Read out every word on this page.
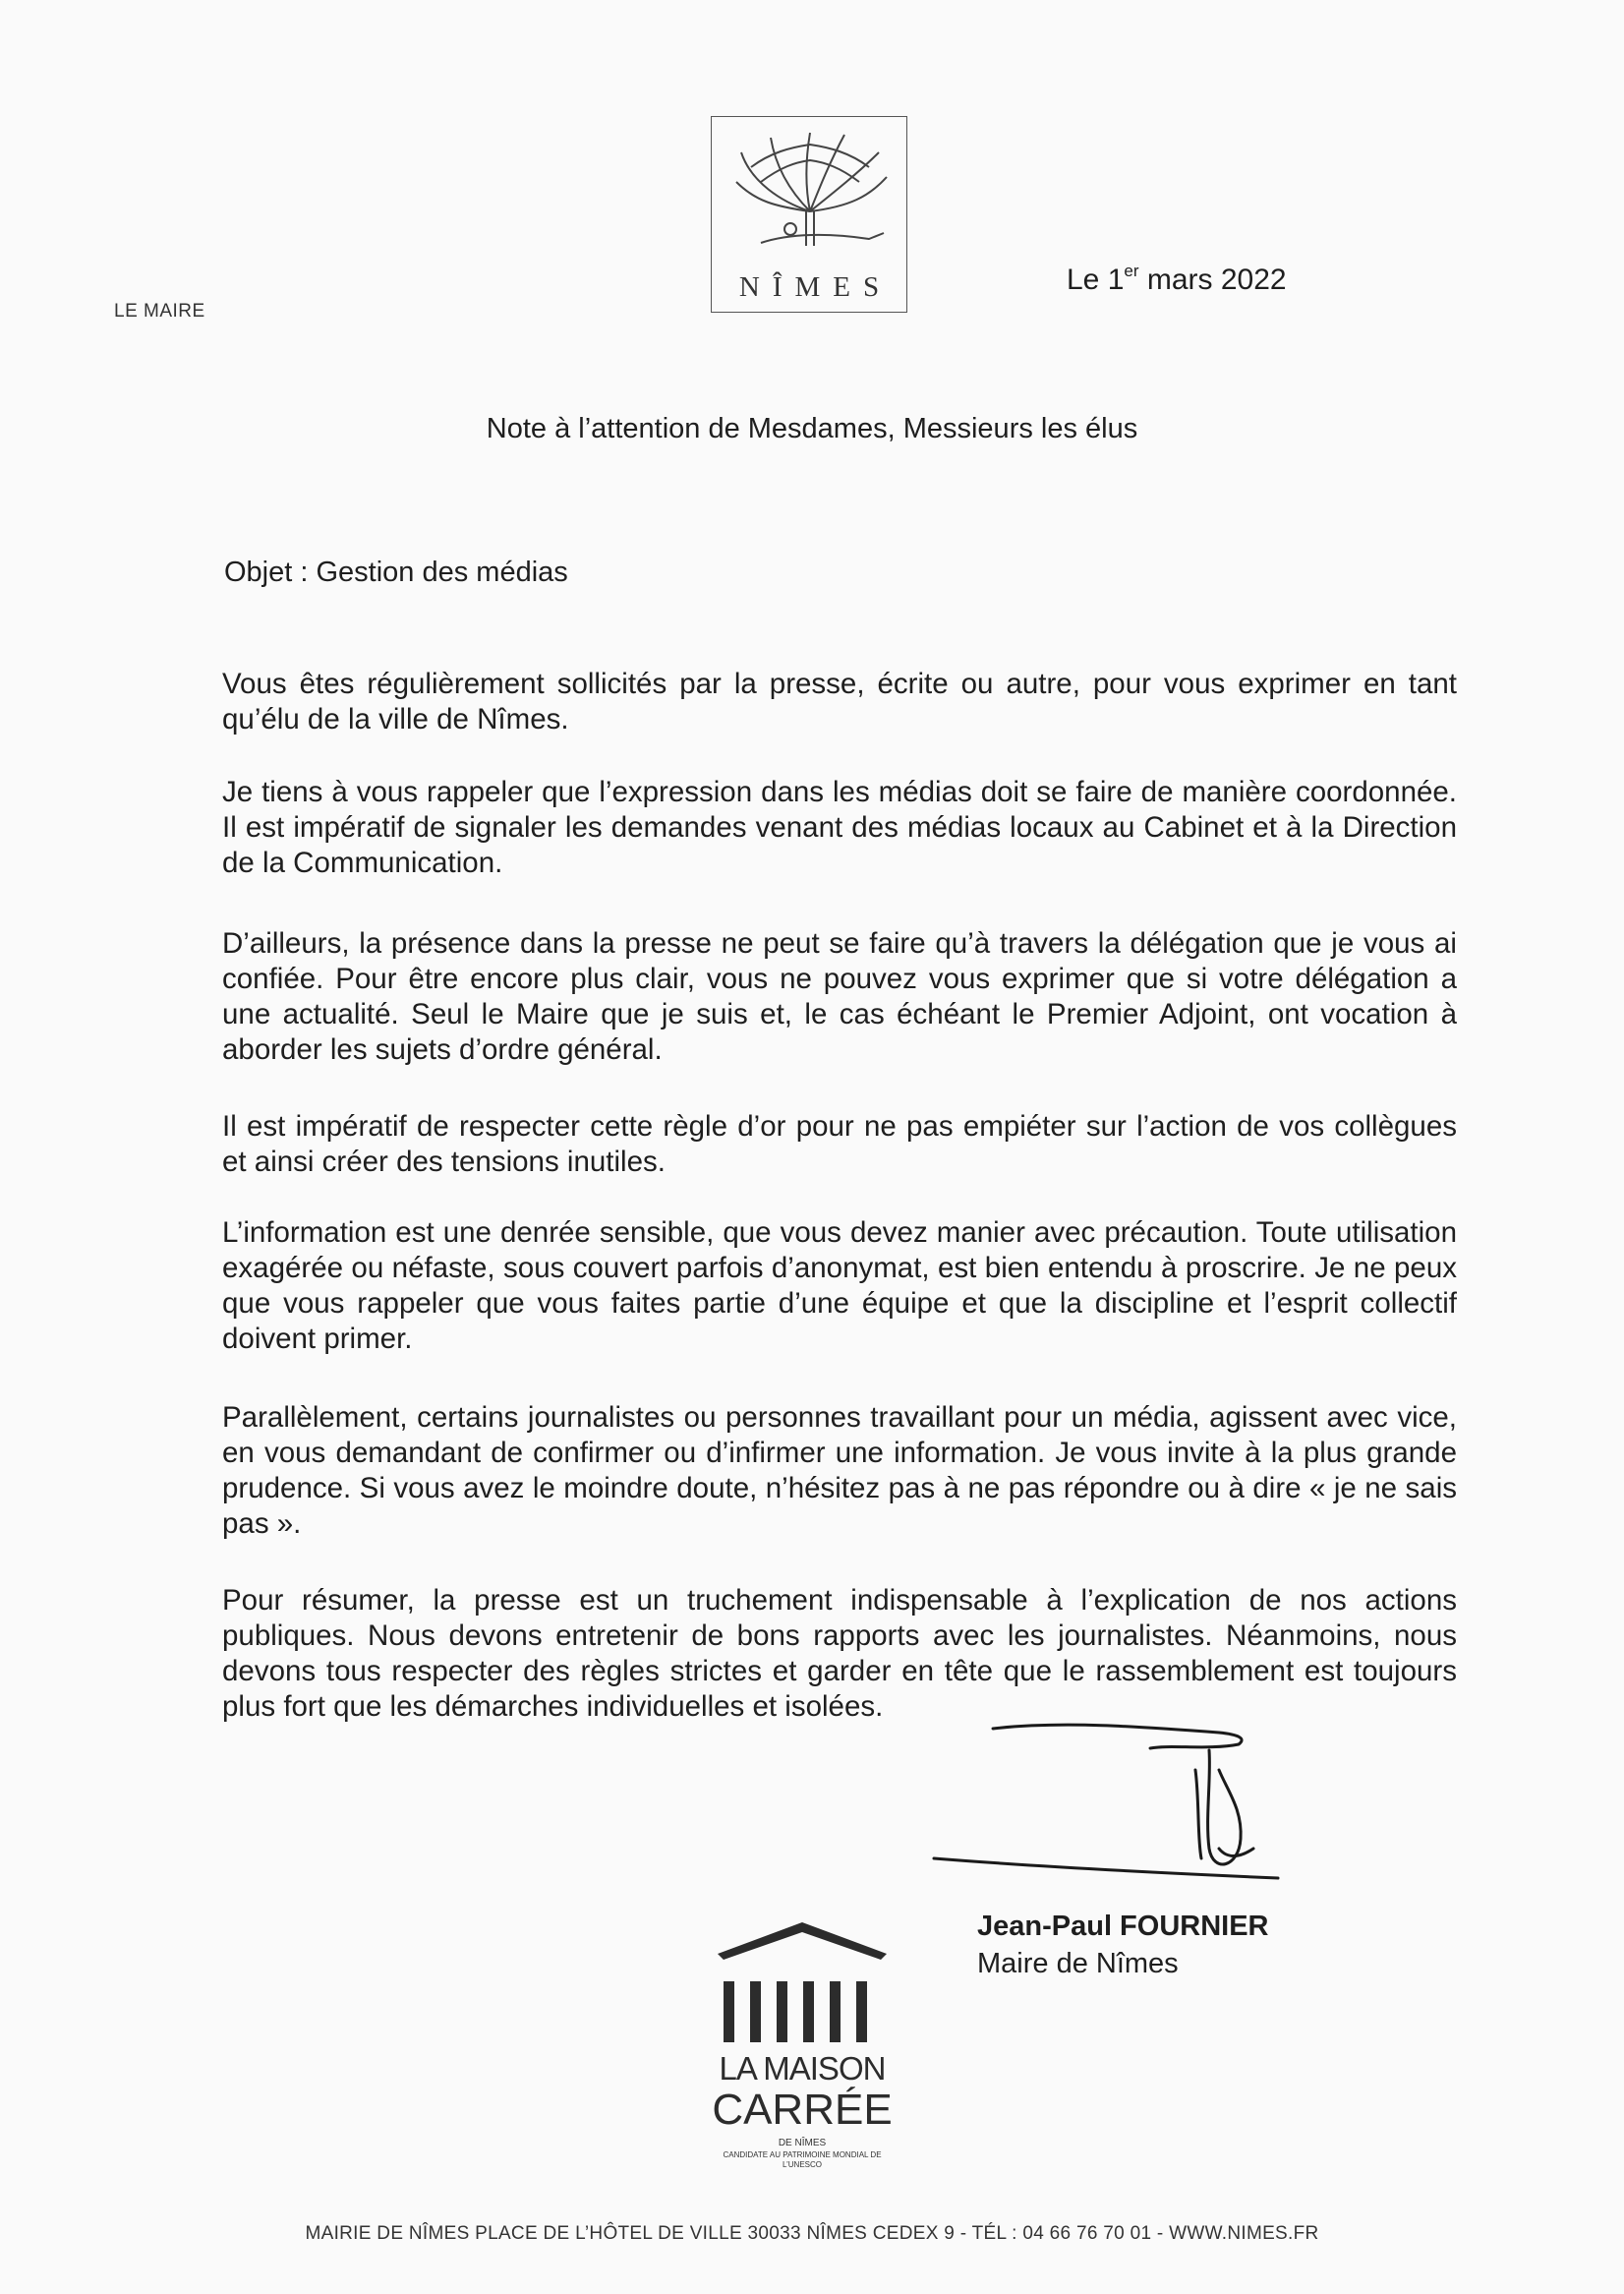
NÎMES
LE MAIRE
Le 1er mars 2022
Note à l’attention de Mesdames, Messieurs les élus
Objet : Gestion des médias

Vous êtes régulièrement sollicités par la presse, écrite ou autre, pour vous exprimer en tant qu’élu de la ville de Nîmes.

Je tiens à vous rappeler que l’expression dans les médias doit se faire de manière coordonnée. Il est impératif de signaler les demandes venant des médias locaux au Cabinet et à la Direction de la Communication.

D’ailleurs, la présence dans la presse ne peut se faire qu’à travers la délégation que je vous ai confiée. Pour être encore plus clair, vous ne pouvez vous exprimer que si votre délégation a une actualité. Seul le Maire que je suis et, le cas échéant le Premier Adjoint, ont vocation à aborder les sujets d’ordre général.

Il est impératif de respecter cette règle d’or pour ne pas empiéter sur l’action de vos collègues et ainsi créer des tensions inutiles.

L’information est une denrée sensible, que vous devez manier avec précaution. Toute utilisation exagérée ou néfaste, sous couvert parfois d’anonymat, est bien entendu à proscrire. Je ne peux que vous rappeler que vous faites partie d’une équipe et que la discipline et l’esprit collectif doivent primer.

Parallèlement, certains journalistes ou personnes travaillant pour un média, agissent avec vice, en vous demandant de confirmer ou d’infirmer une information. Je vous invite à la plus grande prudence. Si vous avez le moindre doute, n’hésitez pas à ne pas répondre ou à dire « je ne sais pas ».

Pour résumer, la presse est un truchement indispensable à l’explication de nos actions publiques. Nous devons entretenir de bons rapports avec les journalistes. Néanmoins, nous devons tous respecter des règles strictes et garder en tête que le rassemblement est toujours plus fort que les démarches individuelles et isolées.

Jean-Paul FOURNIER
Maire de Nîmes
LA MAISON
CARRÉE
DE NÎMES
CANDIDATE AU PATRIMOINE MONDIAL DE L’UNESCO
MAIRIE DE NÎMES PLACE DE L’HÔTEL DE VILLE 30033 NÎMES CEDEX 9 - TÉL : 04 66 76 70 01 - WWW.NIMES.FR
